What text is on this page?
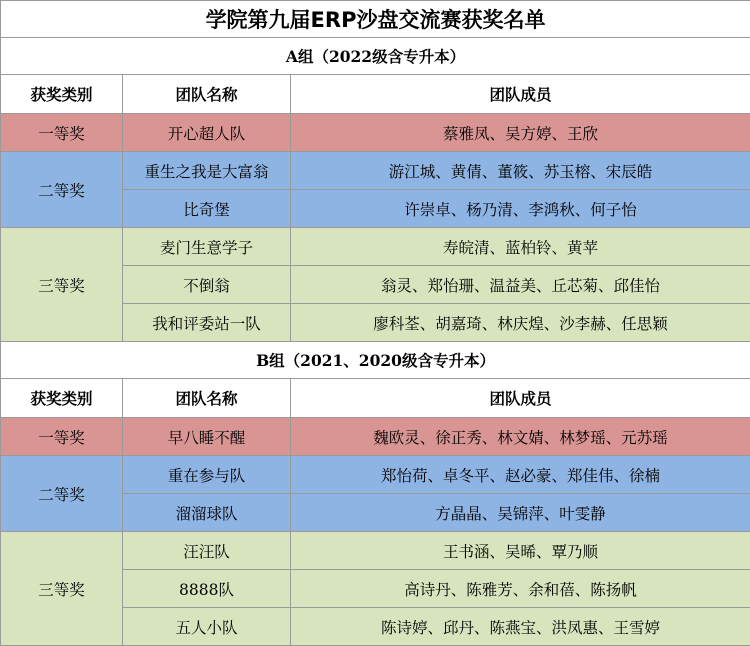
学院第九届ERP沙盘交流赛获奖名单		
A组（2022级含专升本）		
获奖类别	团队名称	团队成员
一等奖	开心超人队	蔡雅凤、吴方婷、王欣
二等奖	重生之我是大富翁	游江城、黄倩、董筱、苏玉榕、宋辰皓
	比奇堡	许崇卓、杨乃清、李鸿秋、何子怡
三等奖	麦门生意学子	寿皖清、蓝柏铃、黄苹
	不倒翁	翁灵、郑怡珊、温益美、丘芯菊、邱佳怡
	我和评委站一队	廖科荃、胡嘉琦、林庆煌、沙李赫、任思颖
B组（2021、2020级含专升本）		
获奖类别	团队名称	团队成员
一等奖	早八睡不醒	魏欧灵、徐正秀、林文婧、林梦瑶、元苏瑶
二等奖	重在参与队	郑怡荷、卓冬平、赵必豪、郑佳伟、徐楠
	溜溜球队	方晶晶、吴锦萍、叶雯静
三等奖	汪汪队	王书涵、吴晞、覃乃顺
	8888队	高诗丹、陈雅芳、余和蓓、陈扬帆
	五人小队	陈诗婷、邱丹、陈燕宝、洪凤惠、王雪婷
